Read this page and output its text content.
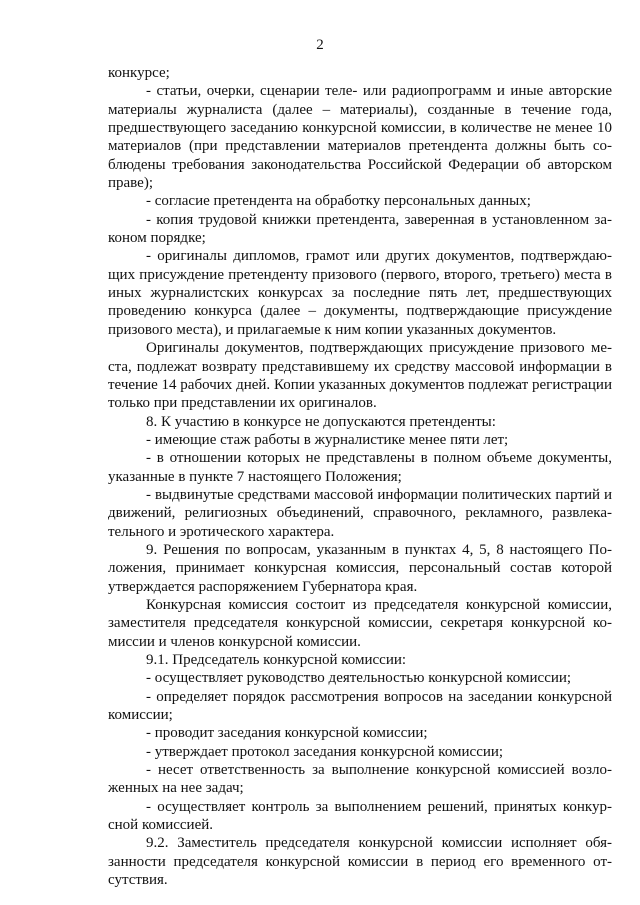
2

конкурсе;

- статьи, очерки, сценарии теле- или радиопрограмм и иные авторские материалы журналиста (далее – материалы), созданные в течение года, предшествующего заседанию конкурсной комиссии, в количестве не менее 10 материалов (при представлении материалов претендента должны быть соблюдены требования законодательства Российской Федерации об авторском праве);

- согласие претендента на обработку персональных данных;

- копия трудовой книжки претендента, заверенная в установленном законом порядке;

- оригиналы дипломов, грамот или других документов, подтверждающих присуждение претенденту призового (первого, второго, третьего) места в иных журналистских конкурсах за последние пять лет, предшествующих проведению конкурса (далее – документы, подтверждающие присуждение призового места), и прилагаемые к ним копии указанных документов.

Оригиналы документов, подтверждающих присуждение призового места, подлежат возврату представившему их средству массовой информации в течение 14 рабочих дней. Копии указанных документов подлежат регистрации только при представлении их оригиналов.

8. К участию в конкурсе не допускаются претенденты:

- имеющие стаж работы в журналистике менее пяти лет;

- в отношении которых не представлены в полном объеме документы, указанные в пункте 7 настоящего Положения;

- выдвинутые средствами массовой информации политических партий и движений, религиозных объединений, справочного, рекламного, развлекательного и эротического характера.

9. Решения по вопросам, указанным в пунктах 4, 5, 8 настоящего Положения, принимает конкурсная комиссия, персональный состав которой утверждается распоряжением Губернатора края.

Конкурсная комиссия состоит из председателя конкурсной комиссии, заместителя председателя конкурсной комиссии, секретаря конкурсной комиссии и членов конкурсной комиссии.

9.1. Председатель конкурсной комиссии:

- осуществляет руководство деятельностью конкурсной комиссии;

- определяет порядок рассмотрения вопросов на заседании конкурсной комиссии;

- проводит заседания конкурсной комиссии;

- утверждает протокол заседания конкурсной комиссии;

- несет ответственность за выполнение конкурсной комиссией возложенных на нее задач;

- осуществляет контроль за выполнением решений, принятых конкурсной комиссией.

9.2. Заместитель председателя конкурсной комиссии исполняет обязанности председателя конкурсной комиссии в период его временного отсутствия.
